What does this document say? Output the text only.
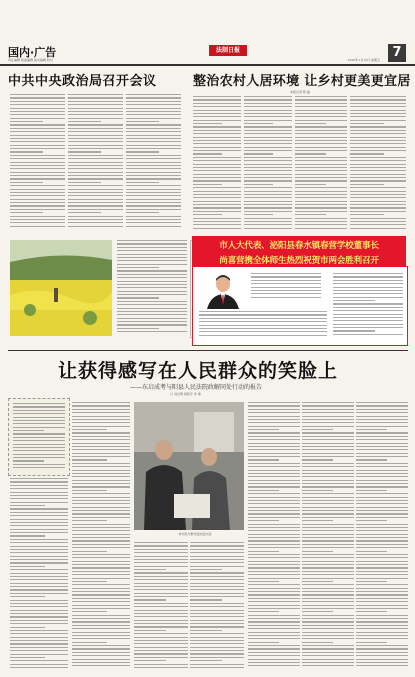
国内·广告
责任编辑 版面编辑 美术编辑 校对
法制日报
2016年1月15日 星期五 7
中共中央政治局召开会议	整治农村人居环境 让乡村更美更宜居
本报记者 陈 磊
市人大代表、泌阳县春水镇春营学校董事长
尚喜营携全体师生热烈祝贺市两会胜利召开
让获得感写在人民群众的笑脸上
——东启成考与阳县人民法院政解同处行动的报告
口 刘志明 周新宇 李 健
审判员与群众面对面交流
